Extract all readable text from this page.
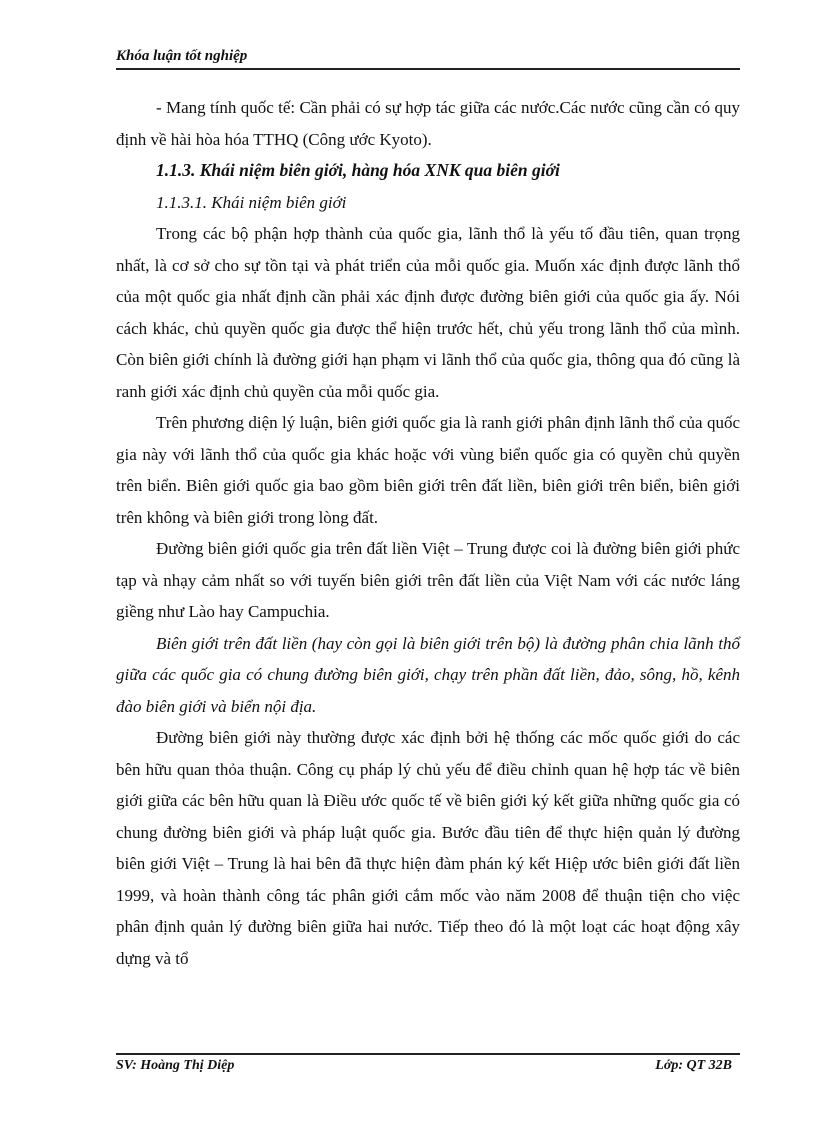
Khóa luận tốt nghiệp

- Mang tính quốc tế: Cần phải có sự hợp tác giữa các nước.Các nước cũng cần có quy định về hài hòa hóa TTHQ (Công ước Kyoto).

1.1.3. Khái niệm biên giới, hàng hóa XNK qua biên giới

1.1.3.1. Khái niệm biên giới

Trong các bộ phận hợp thành của quốc gia, lãnh thổ là yếu tố đầu tiên, quan trọng nhất, là cơ sở cho sự tồn tại và phát triển của mỗi quốc gia. Muốn xác định được lãnh thổ của một quốc gia nhất định cần phải xác định được đường biên giới của quốc gia ấy. Nói cách khác, chủ quyền quốc gia được thể hiện trước hết, chủ yếu trong lãnh thổ của mình. Còn biên giới chính là đường giới hạn phạm vi lãnh thổ của quốc gia, thông qua đó cũng là ranh giới xác định chủ quyền của mỗi quốc gia.

Trên phương diện lý luận, biên giới quốc gia là ranh giới phân định lãnh thổ của quốc gia này với lãnh thổ của quốc gia khác hoặc với vùng biển quốc gia có quyền chủ quyền trên biển. Biên giới quốc gia bao gồm biên giới trên đất liền, biên giới trên biển, biên giới trên không và biên giới trong lòng đất.

Đường biên giới quốc gia trên đất liền Việt – Trung được coi là đường biên giới phức tạp và nhạy cảm nhất so với tuyến biên giới trên đất liền của Việt Nam với các nước láng giềng như Lào hay Campuchia.

Biên giới trên đất liền (hay còn gọi là biên giới trên bộ) là đường phân chia lãnh thổ giữa các quốc gia có chung đường biên giới, chạy trên phần đất liền, đảo, sông, hồ, kênh đào biên giới và biển nội địa.

Đường biên giới này thường được xác định bởi hệ thống các mốc quốc giới do các bên hữu quan thỏa thuận. Công cụ pháp lý chủ yếu để điều chỉnh quan hệ hợp tác về biên giới giữa các bên hữu quan là Điều ước quốc tế về biên giới ký kết giữa những quốc gia có chung đường biên giới và pháp luật quốc gia. Bước đầu tiên để thực hiện quản lý đường biên giới Việt – Trung là hai bên đã thực hiện đàm phán ký kết Hiệp ước biên giới đất liền 1999, và hoàn thành công tác phân giới cắm mốc vào năm 2008 để thuận tiện cho việc phân định quản lý đường biên giữa hai nước. Tiếp theo đó là một loạt các hoạt động xây dựng và tổ

SV: Hoàng Thị Diệp	Lớp: QT 32B
